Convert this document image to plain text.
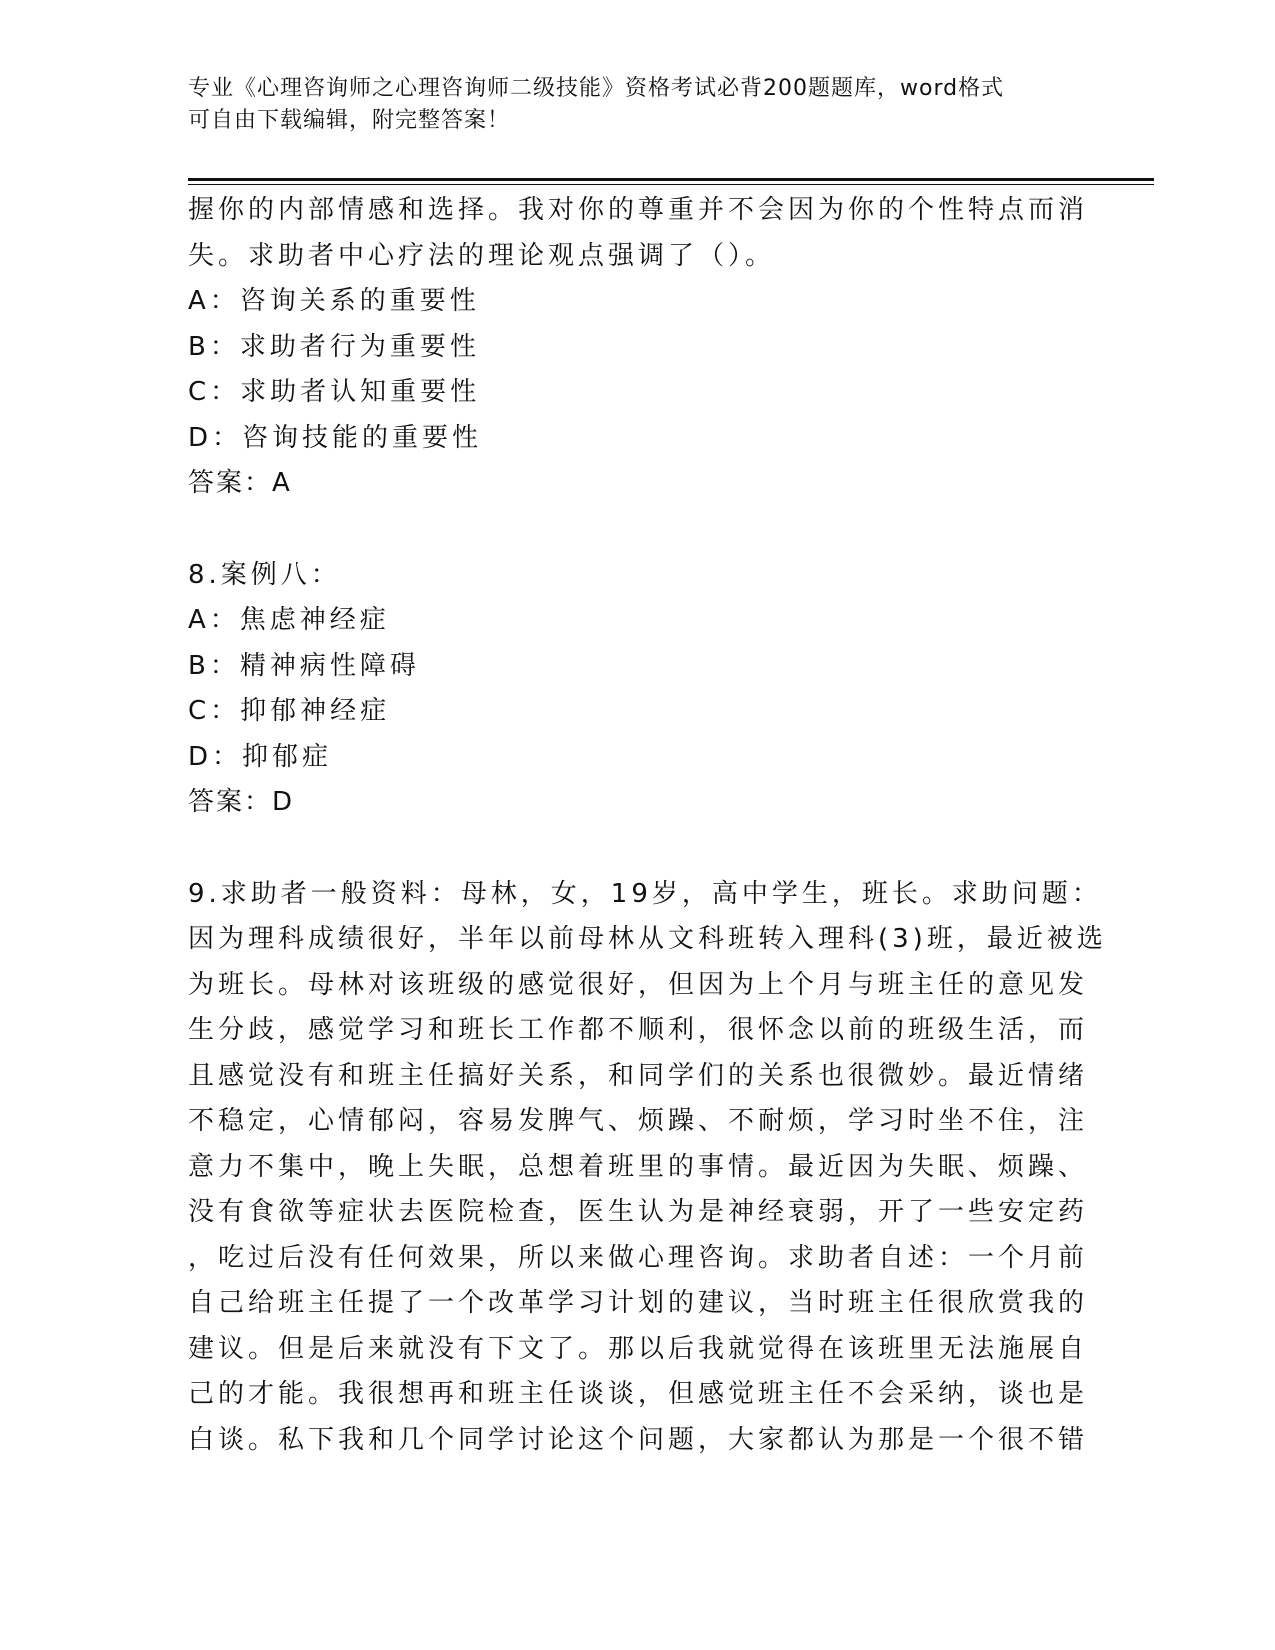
专业《心理咨询师之心理咨询师二级技能》资格考试必背200题题库，word格式
可自由下载编辑，附完整答案！
握你的内部情感和选择。我对你的尊重并不会因为你的个性特点而消
失。求助者中心疗法的理论观点强调了（）。
A：咨询关系的重要性
B：求助者行为重要性
C：求助者认知重要性
D：咨询技能的重要性
答案：A
8.案例八：
A：焦虑神经症
B：精神病性障碍
C：抑郁神经症
D：抑郁症
答案：D
9.求助者一般资料：母林，女，19岁，高中学生，班长。求助问题：
因为理科成绩很好，半年以前母林从文科班转入理科(3)班，最近被选
为班长。母林对该班级的感觉很好，但因为上个月与班主任的意见发
生分歧，感觉学习和班长工作都不顺利，很怀念以前的班级生活，而
且感觉没有和班主任搞好关系，和同学们的关系也很微妙。最近情绪
不稳定，心情郁闷，容易发脾气、烦躁、不耐烦，学习时坐不住，注
意力不集中，晚上失眠，总想着班里的事情。最近因为失眠、烦躁、
没有食欲等症状去医院检查，医生认为是神经衰弱，开了一些安定药
，吃过后没有任何效果，所以来做心理咨询。求助者自述：一个月前
自己给班主任提了一个改革学习计划的建议，当时班主任很欣赏我的
建议。但是后来就没有下文了。那以后我就觉得在该班里无法施展自
己的才能。我很想再和班主任谈谈，但感觉班主任不会采纳，谈也是
白谈。私下我和几个同学讨论这个问题，大家都认为那是一个很不错
